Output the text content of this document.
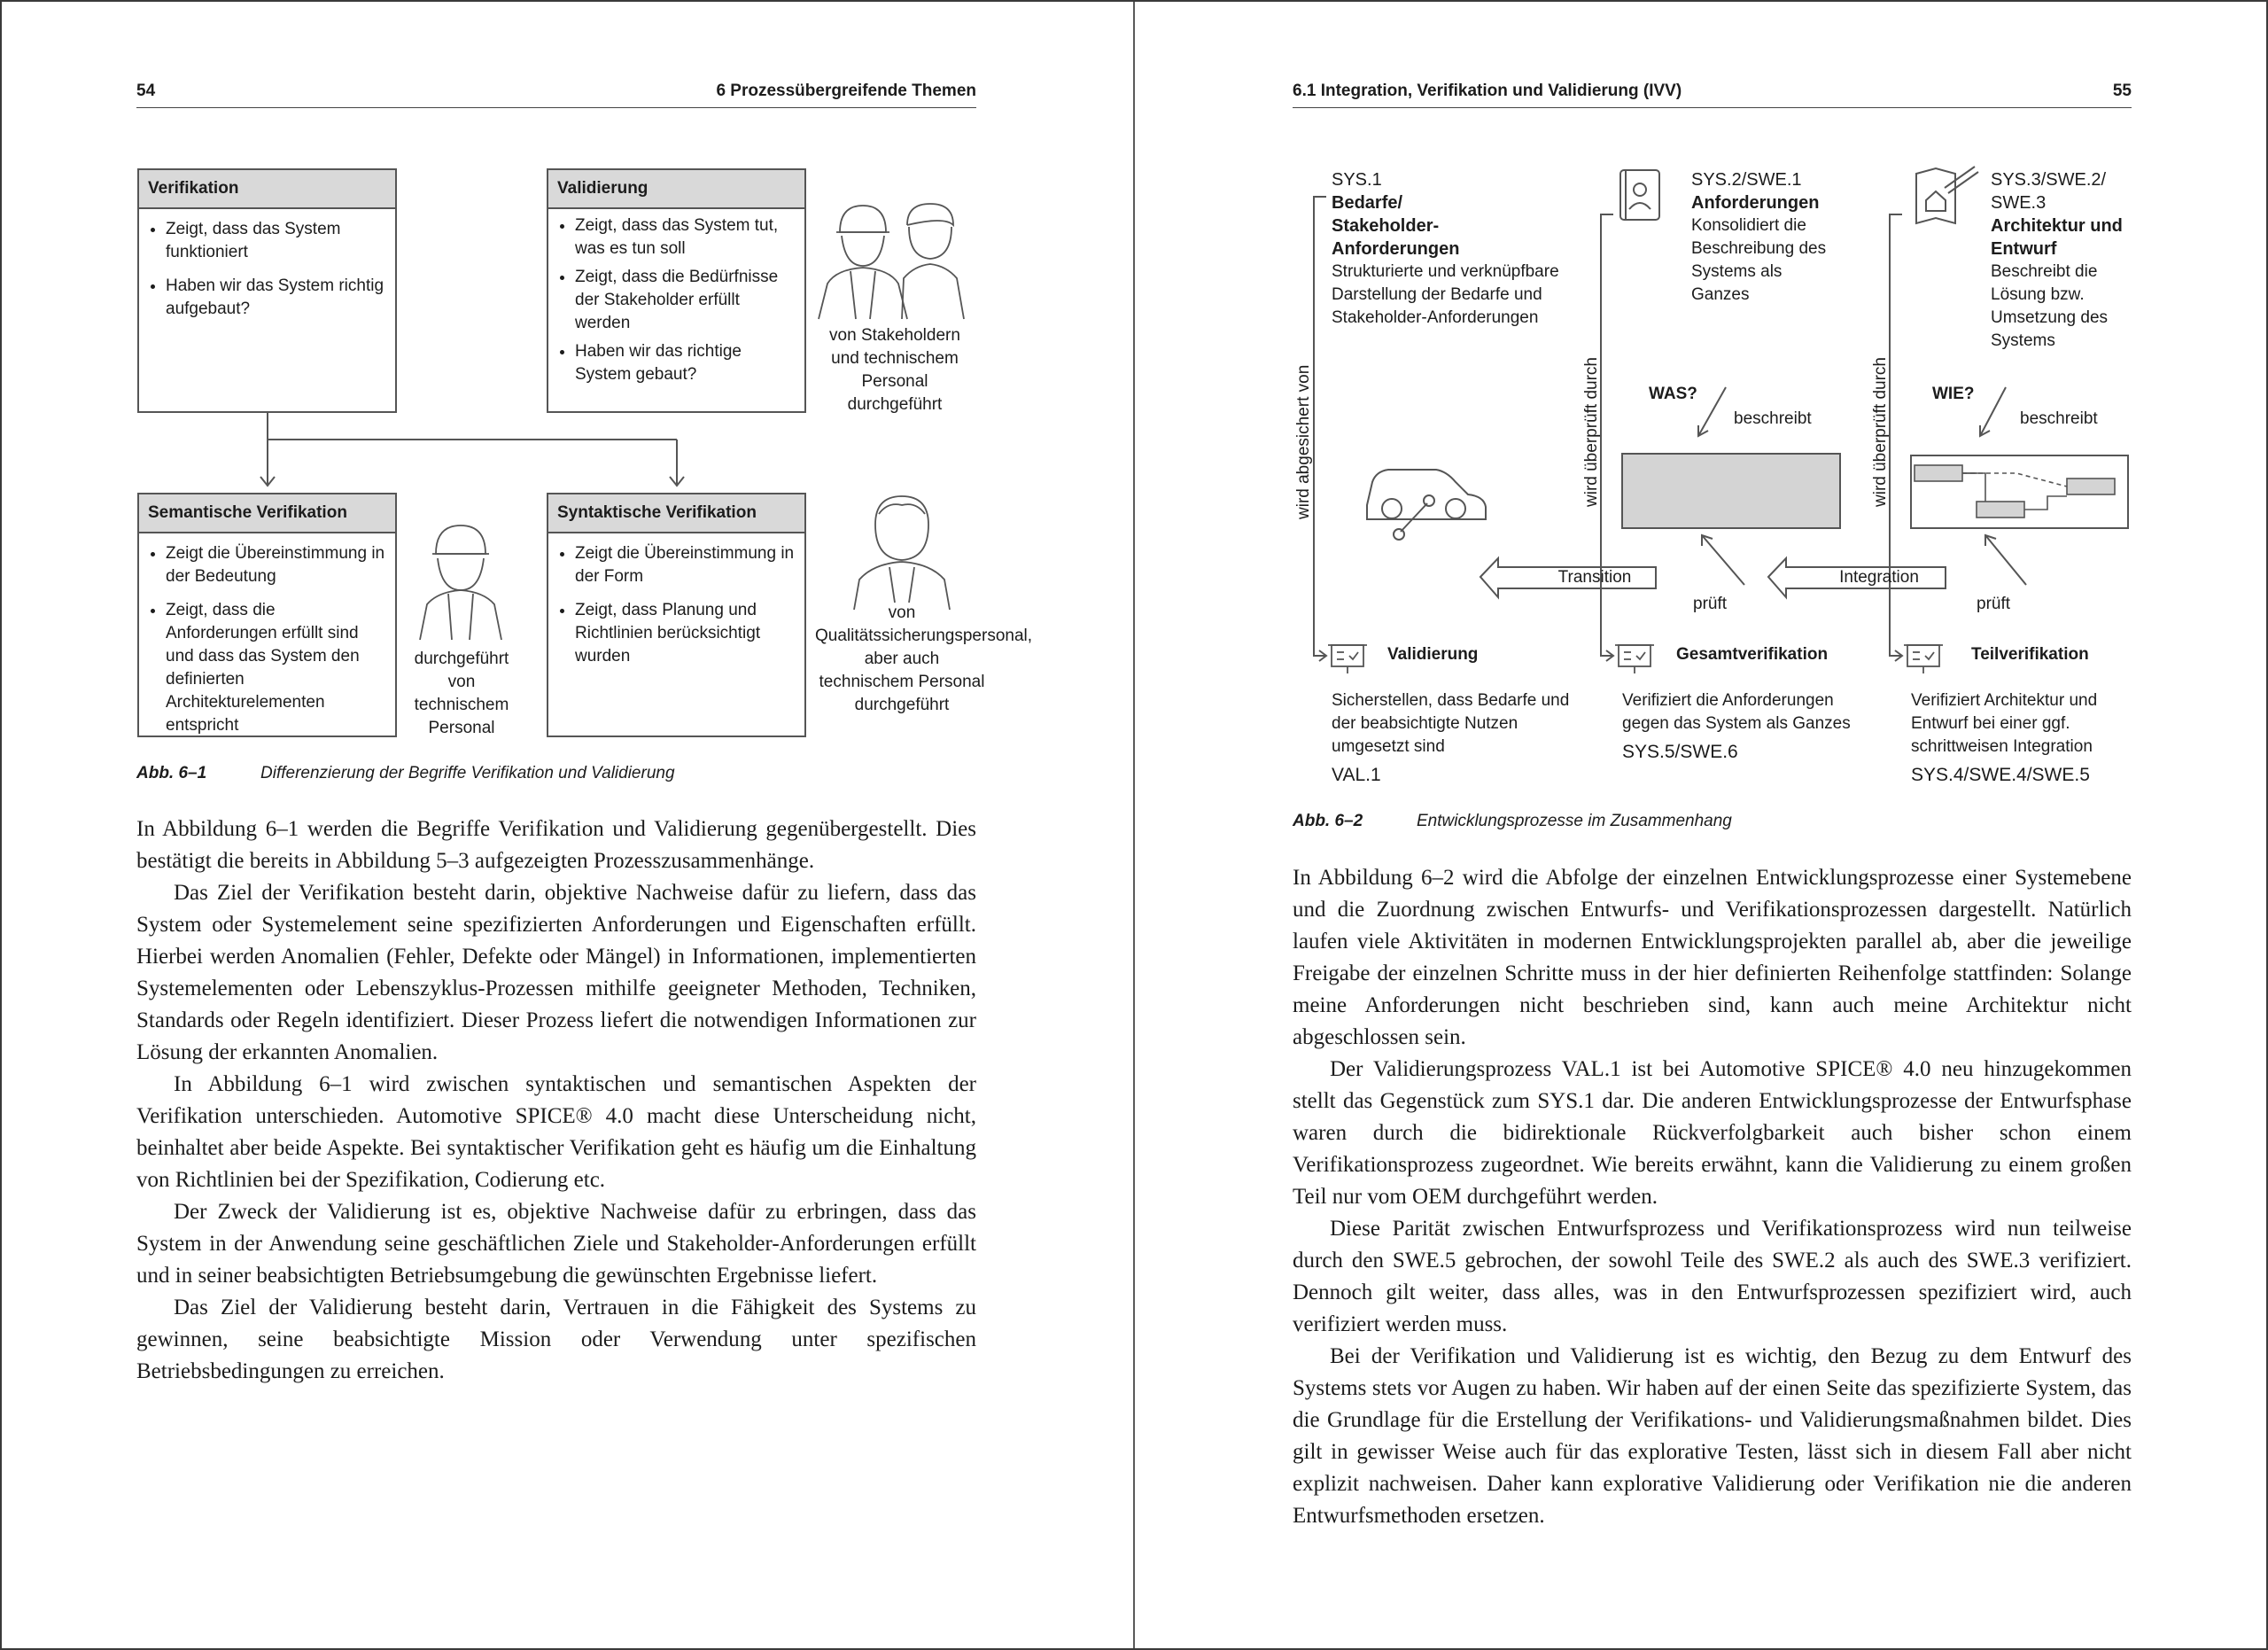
54	6 Prozessübergreifende Themen
Verifikation
• Zeigt, dass das System funktioniert
• Haben wir das System richtig aufgebaut?
Validierung
• Zeigt, dass das System tut, was es tun soll
• Zeigt, dass die Bedürfnisse der Stakeholder erfüllt werden
• Haben wir das richtige System gebaut?
Semantische Verifikation
• Zeigt die Übereinstimmung in der Bedeutung
• Zeigt, dass die Anforderungen erfüllt sind und dass das System den definierten Architekturelementen entspricht
Syntaktische Verifikation
• Zeigt die Übereinstimmung in der Form
• Zeigt, dass Planung und Richtlinien berücksichtigt wurden
von Stakeholdern und technischem Personal durchgeführt
durchgeführt von technischem Personal
von Qualitätssicherungspersonal, aber auch technischem Personal durchgeführt
Abb. 6–1	Differenzierung der Begriffe Verifikation und Validierung

In Abbildung 6–1 werden die Begriffe Verifikation und Validierung gegenübergestellt. Dies bestätigt die bereits in Abbildung 5–3 aufgezeigten Prozesszusammenhänge.

Das Ziel der Verifikation besteht darin, objektive Nachweise dafür zu liefern, dass das System oder Systemelement seine spezifizierten Anforderungen und Eigenschaften erfüllt. Hierbei werden Anomalien (Fehler, Defekte oder Mängel) in Informationen, implementierten Systemelementen oder Lebenszyklus-Prozessen mithilfe geeigneter Methoden, Techniken, Standards oder Regeln identifiziert. Dieser Prozess liefert die notwendigen Informationen zur Lösung der erkannten Anomalien.

In Abbildung 6–1 wird zwischen syntaktischen und semantischen Aspekten der Verifikation unterschieden. Automotive SPICE® 4.0 macht diese Unterscheidung nicht, beinhaltet aber beide Aspekte. Bei syntaktischer Verifikation geht es häufig um die Einhaltung von Richtlinien bei der Spezifikation, Codierung etc.

Der Zweck der Validierung ist es, objektive Nachweise dafür zu erbringen, dass das System in der Anwendung seine geschäftlichen Ziele und Stakeholder-Anforderungen erfüllt und in seiner beabsichtigten Betriebsumgebung die gewünschten Ergebnisse liefert.

Das Ziel der Validierung besteht darin, Vertrauen in die Fähigkeit des Systems zu gewinnen, seine beabsichtigte Mission oder Verwendung unter spezifischen Betriebsbedingungen zu erreichen.

6.1 Integration, Verifikation und Validierung (IVV)	55
SYS.1
Bedarfe/ Stakeholder-Anforderungen
Strukturierte und verknüpfbare Darstellung der Bedarfe und Stakeholder-Anforderungen
SYS.2/SWE.1
Anforderungen
Konsolidiert die Beschreibung des Systems als Ganzes
SYS.3/SWE.2/ SWE.3
Architektur und Entwurf
Beschreibt die Lösung bzw. Umsetzung des Systems
WAS?
beschreibt
WIE?
beschreibt
wird abgesichert von	wird überprüft durch	wird überprüft durch
Transition	Integration
prüft	prüft
Validierung
Sicherstellen, dass Bedarfe und der beabsichtigte Nutzen umgesetzt sind
VAL.1
Gesamtverifikation
Verifiziert die Anforderungen gegen das System als Ganzes
SYS.5/SWE.6
Teilverifikation
Verifiziert Architektur und Entwurf bei einer ggf. schrittweisen Integration
SYS.4/SWE.4/SWE.5
Abb. 6–2	Entwicklungsprozesse im Zusammenhang

In Abbildung 6–2 wird die Abfolge der einzelnen Entwicklungsprozesse einer Systemebene und die Zuordnung zwischen Entwurfs- und Verifikationsprozessen dargestellt. Natürlich laufen viele Aktivitäten in modernen Entwicklungsprojekten parallel ab, aber die jeweilige Freigabe der einzelnen Schritte muss in der hier definierten Reihenfolge stattfinden: Solange meine Anforderungen nicht beschrieben sind, kann auch meine Architektur nicht abgeschlossen sein.

Der Validierungsprozess VAL.1 ist bei Automotive SPICE® 4.0 neu hinzugekommen stellt das Gegenstück zum SYS.1 dar. Die anderen Entwicklungsprozesse der Entwurfsphase waren durch die bidirektionale Rückverfolgbarkeit auch bisher schon einem Verifikationsprozess zugeordnet. Wie bereits erwähnt, kann die Validierung zu einem großen Teil nur vom OEM durchgeführt werden.

Diese Parität zwischen Entwurfsprozess und Verifikationsprozess wird nun teilweise durch den SWE.5 gebrochen, der sowohl Teile des SWE.2 als auch des SWE.3 verifiziert. Dennoch gilt weiter, dass alles, was in den Entwurfsprozessen spezifiziert wird, auch verifiziert werden muss.

Bei der Verifikation und Validierung ist es wichtig, den Bezug zu dem Entwurf des Systems stets vor Augen zu haben. Wir haben auf der einen Seite das spezifizierte System, das die Grundlage für die Erstellung der Verifikations- und Validierungsmaßnahmen bildet. Dies gilt in gewisser Weise auch für das explorative Testen, lässt sich in diesem Fall aber nicht explizit nachweisen. Daher kann explorative Validierung oder Verifikation nie die anderen Entwurfsmethoden ersetzen.
